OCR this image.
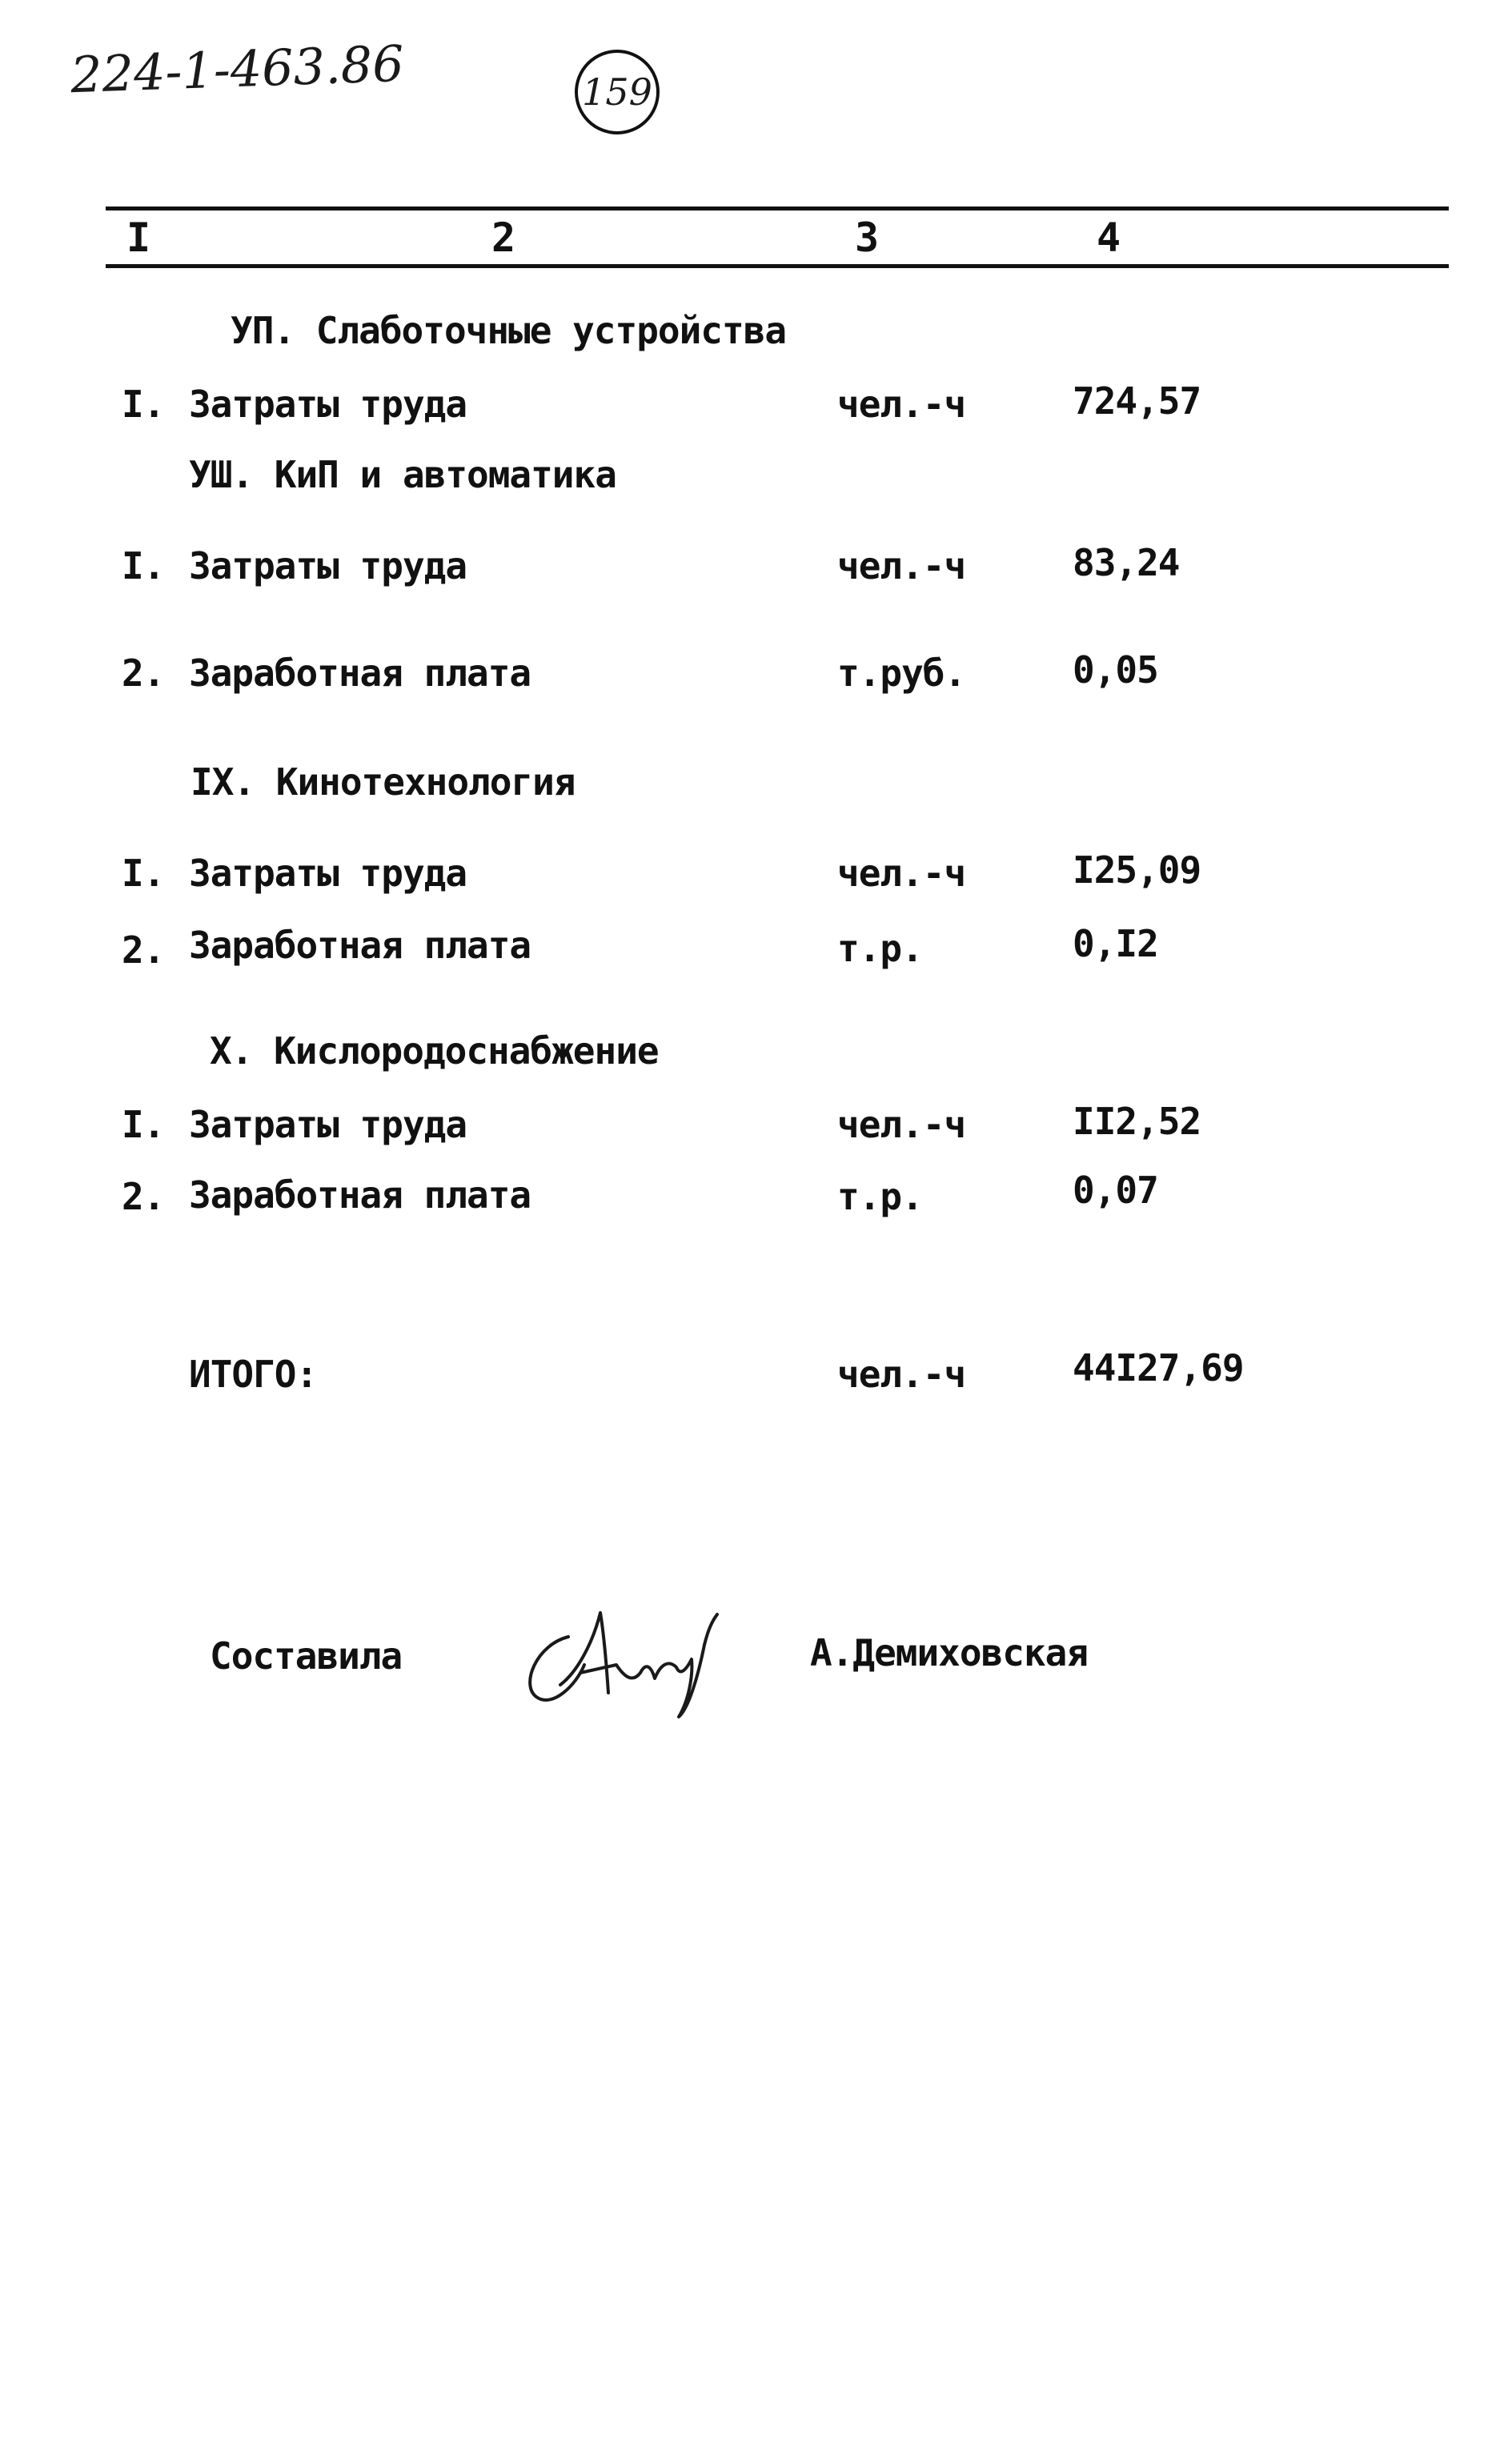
224-1-463.86	159
I	2	3	4
УП. Слаботочные устройства
I. Затраты труда	чел.-ч	724,57
УШ. КиП и автоматика
I. Затраты труда	чел.-ч	83,24
2. Заработная плата	т.руб.	0,05
IX. Кинотехнология
I. Затраты труда	чел.-ч	I25,09
2. Заработная плата	т.р.	0,I2
X. Кислородоснабжение
I. Затраты труда	чел.-ч	II2,52
2. Заработная плата	т.р.	0,07
ИТОГО:	чел.-ч	44I27,69
Составила	А.Демиховская
